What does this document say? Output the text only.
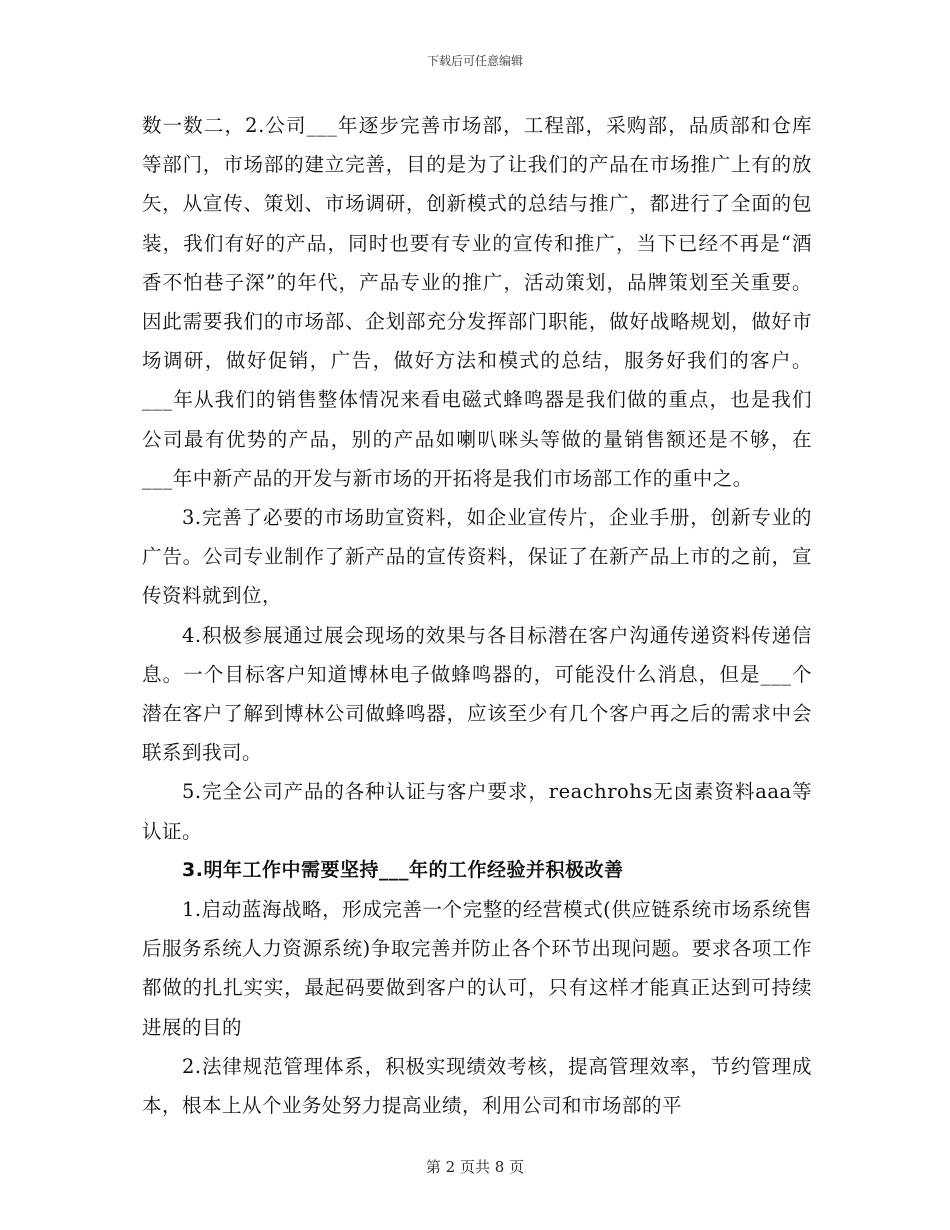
下载后可任意编辑

数一数二，2.公司___年逐步完善市场部，工程部，采购部，品质部和仓库等部门，市场部的建立完善，目的是为了让我们的产品在市场推广上有的放矢，从宣传、策划、市场调研，创新模式的总结与推广，都进行了全面的包装，我们有好的产品，同时也要有专业的宣传和推广，当下已经不再是“酒香不怕巷子深”的年代，产品专业的推广，活动策划，品牌策划至关重要。因此需要我们的市场部、企划部充分发挥部门职能，做好战略规划，做好市场调研，做好促销，广告，做好方法和模式的总结，服务好我们的客户。___年从我们的销售整体情况来看电磁式蜂鸣器是我们做的重点，也是我们公司最有优势的产品，别的产品如喇叭咪头等做的量销售额还是不够，在___年中新产品的开发与新市场的开拓将是我们市场部工作的重中之。

3.完善了必要的市场助宣资料，如企业宣传片，企业手册，创新专业的广告。公司专业制作了新产品的宣传资料，保证了在新产品上市的之前，宣传资料就到位，

4.积极参展通过展会现场的效果与各目标潜在客户沟通传递资料传递信息。一个目标客户知道博林电子做蜂鸣器的，可能没什么消息，但是___个潜在客户了解到博林公司做蜂鸣器，应该至少有几个客户再之后的需求中会联系到我司。

5.完全公司产品的各种认证与客户要求，reachrohs无卤素资料aaa等认证。

3.明年工作中需要坚持___年的工作经验并积极改善

1.启动蓝海战略，形成完善一个完整的经营模式(供应链系统市场系统售后服务系统人力资源系统)争取完善并防止各个环节出现问题。要求各项工作都做的扎扎实实，最起码要做到客户的认可，只有这样才能真正达到可持续进展的目的

2.法律规范管理体系，积极实现绩效考核，提高管理效率，节约管理成本，根本上从个业务处努力提高业绩，利用公司和市场部的平

第 2 页共 8 页
